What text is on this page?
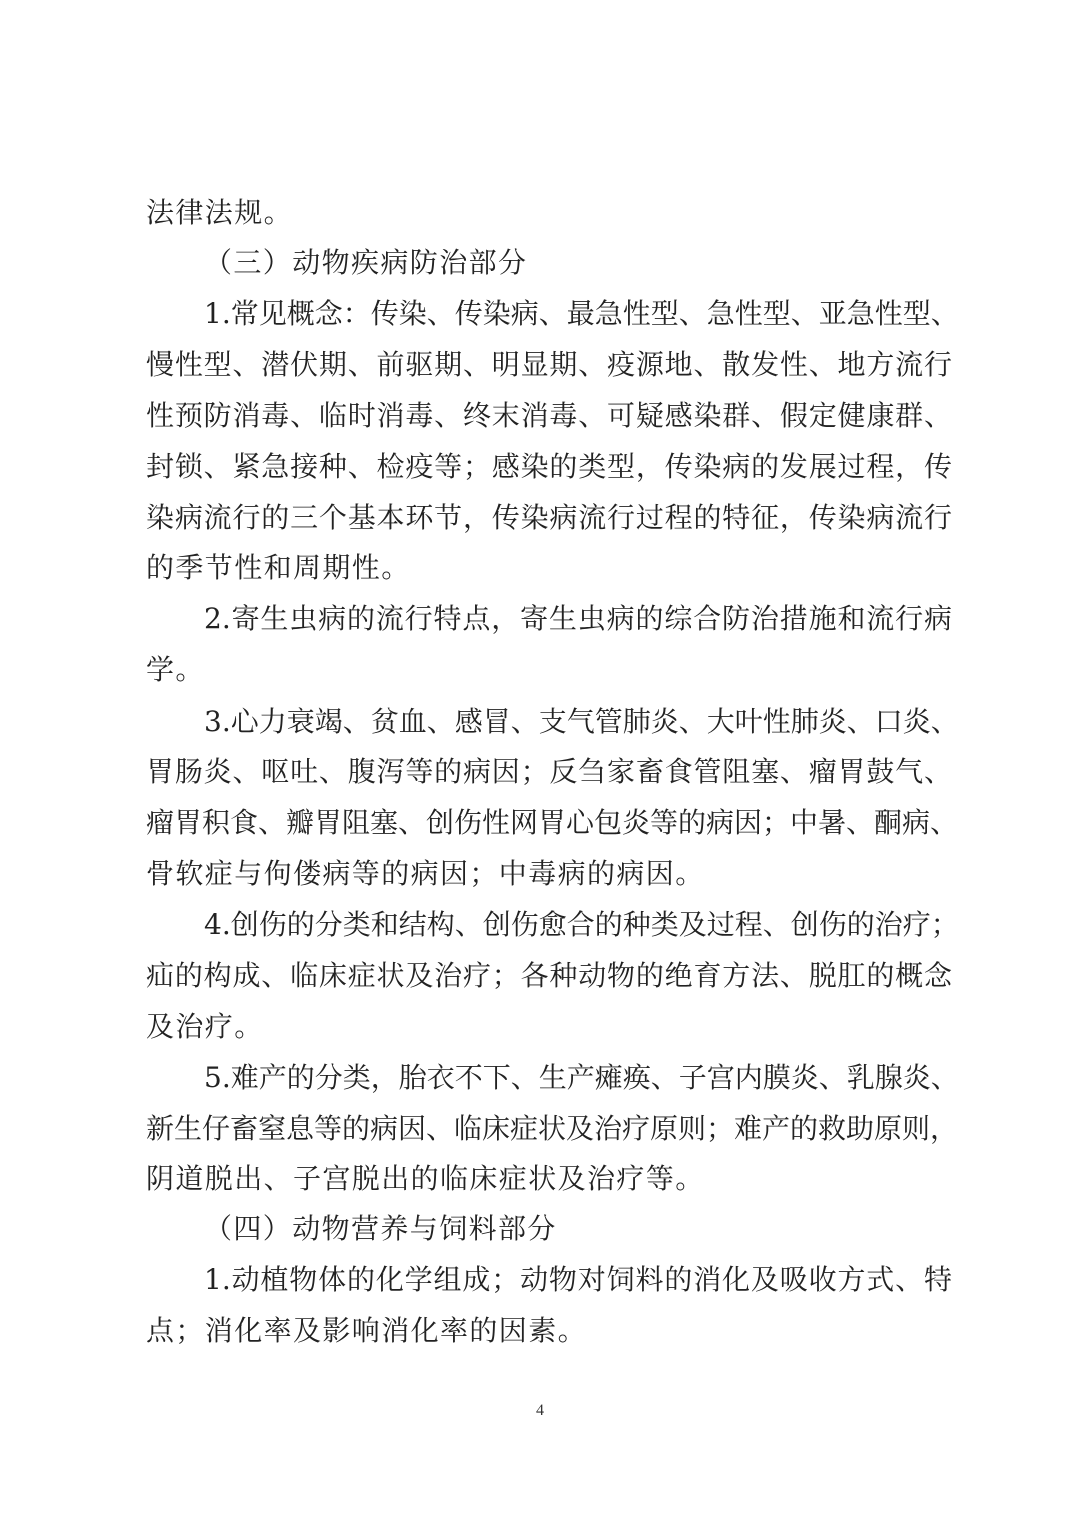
法律法规。
（三）动物疾病防治部分
1.常见概念：传染、传染病、最急性型、急性型、亚急性型、
慢性型、潜伏期、前驱期、明显期、疫源地、散发性、地方流行
性预防消毒、临时消毒、终末消毒、可疑感染群、假定健康群、
封锁、紧急接种、检疫等；感染的类型，传染病的发展过程，传
染病流行的三个基本环节，传染病流行过程的特征，传染病流行
的季节性和周期性。
2.寄生虫病的流行特点，寄生虫病的综合防治措施和流行病
学。
3.心力衰竭、贫血、感冒、支气管肺炎、大叶性肺炎、口炎、
胃肠炎、呕吐、腹泻等的病因；反刍家畜食管阻塞、瘤胃鼓气、
瘤胃积食、瓣胃阻塞、创伤性网胃心包炎等的病因；中暑、酮病、
骨软症与佝偻病等的病因；中毒病的病因。
4.创伤的分类和结构、创伤愈合的种类及过程、创伤的治疗；
疝的构成、临床症状及治疗；各种动物的绝育方法、脱肛的概念
及治疗。
5.难产的分类，胎衣不下、生产瘫痪、子宫内膜炎、乳腺炎、
新生仔畜窒息等的病因、临床症状及治疗原则；难产的救助原则，
阴道脱出、子宫脱出的临床症状及治疗等。
（四）动物营养与饲料部分
1.动植物体的化学组成；动物对饲料的消化及吸收方式、特
点；消化率及影响消化率的因素。
4
